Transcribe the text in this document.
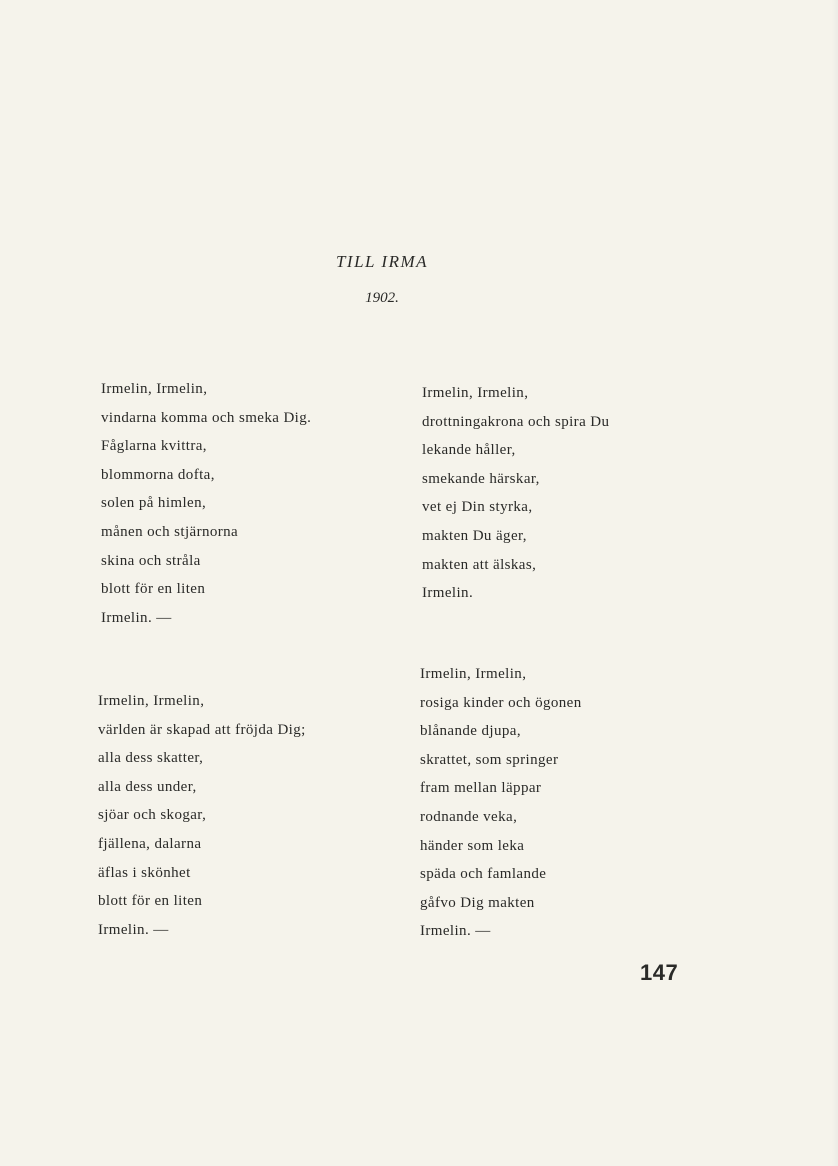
TILL IRMA
1902.
Irmelin, Irmelin,
vindarna komma och smeka Dig.
Fåglarna kvittra,
blommorna dofta,
solen på himlen,
månen och stjärnorna
skina och stråla
blott för en liten
Irmelin. —
Irmelin, Irmelin,
drottningakrona och spira Du
lekande håller,
smekande härskar,
vet ej Din styrka,
makten Du äger,
makten att älskas,
Irmelin.
Irmelin, Irmelin,
världen är skapad att fröjda Dig;
alla dess skatter,
alla dess under,
sjöar och skogar,
fjällena, dalarna
äflas i skönhet
blott för en liten
Irmelin. —
Irmelin, Irmelin,
rosiga kinder och ögonen
blånande djupa,
skrattet, som springer
fram mellan läppar
rodnande veka,
händer som leka
späda och famlande
gåfvo Dig makten
Irmelin. —
147
